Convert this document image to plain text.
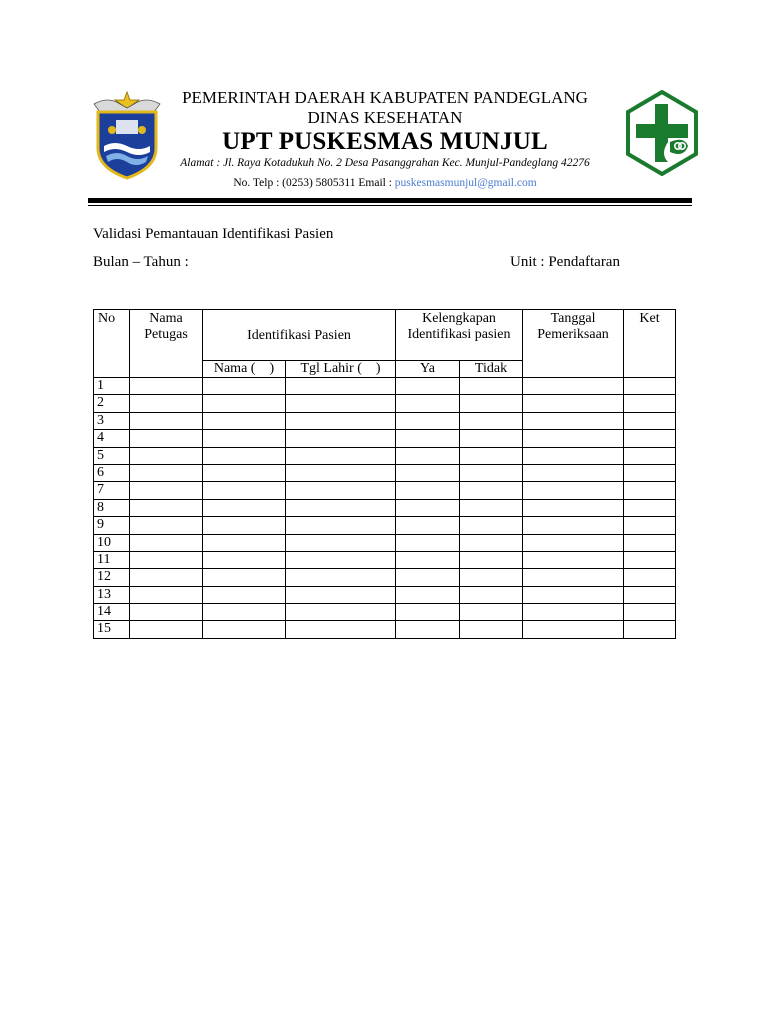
PEMERINTAH DAERAH KABUPATEN PANDEGLANG
DINAS KESEHATAN
UPT PUSKESMAS MUNJUL
Alamat : Jl. Raya Kotadukuh No. 2 Desa Pasanggrahan Kec. Munjul-Pandeglang 42276
No. Telp : (0253) 5805311 Email : puskesmasmunjul@gmail.com
Validasi Pemantauan Identifikasi Pasien
Bulan – Tahun :	Unit : Pendaftaran
No	Nama Petugas	Identifikasi Pasien		Kelengkapan Identifikasi pasien		Tanggal Pemeriksaan	Ket
		Nama (    )	Tgl Lahir (    )	Ya	Tidak		
1							
2							
3							
4							
5							
6							
7							
8							
9							
10							
11							
12							
13							
14							
15							
